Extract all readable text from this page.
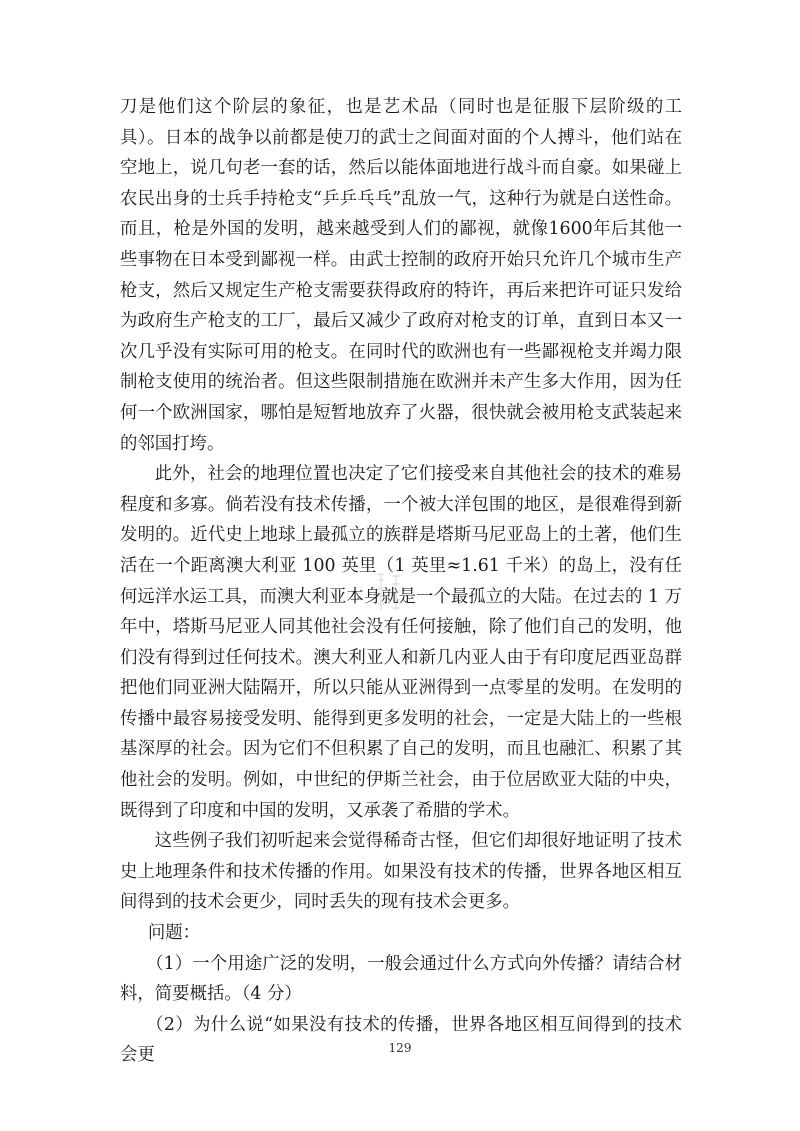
刀是他们这个阶层的象征，也是艺术品（同时也是征服下层阶级的工具）。日本的战争以前都是使刀的武士之间面对面的个人搏斗，他们站在空地上，说几句老一套的话，然后以能体面地进行战斗而自豪。如果碰上农民出身的士兵手持枪支“乒乒乓乓”乱放一气，这种行为就是白送性命。而且，枪是外国的发明，越来越受到人们的鄙视，就像1600年后其他一些事物在日本受到鄙视一样。由武士控制的政府开始只允许几个城市生产枪支，然后又规定生产枪支需要获得政府的特许，再后来把许可证只发给为政府生产枪支的工厂，最后又减少了政府对枪支的订单，直到日本又一次几乎没有实际可用的枪支。在同时代的欧洲也有一些鄙视枪支并竭力限制枪支使用的统治者。但这些限制措施在欧洲并未产生多大作用，因为任何一个欧洲国家，哪怕是短暂地放弃了火器，很快就会被用枪支武装起来的邻国打垮。

此外，社会的地理位置也决定了它们接受来自其他社会的技术的难易程度和多寡。倘若没有技术传播，一个被大洋包围的地区，是很难得到新发明的。近代史上地球上最孤立的族群是塔斯马尼亚岛上的土著，他们生活在一个距离澳大利亚 100 英里（1 英里≈1.61 千米）的岛上，没有任何远洋水运工具，而澳大利亚本身就是一个最孤立的大陆。在过去的 1 万年中，塔斯马尼亚人同其他社会没有任何接触，除了他们自己的发明，他们没有得到过任何技术。澳大利亚人和新几内亚人由于有印度尼西亚岛群把他们同亚洲大陆隔开，所以只能从亚洲得到一点零星的发明。在发明的传播中最容易接受发明、能得到更多发明的社会，一定是大陆上的一些根基深厚的社会。因为它们不但积累了自己的发明，而且也融汇、积累了其他社会的发明。例如，中世纪的伊斯兰社会，由于位居欧亚大陆的中央，既得到了印度和中国的发明，又承袭了希腊的学术。

这些例子我们初听起来会觉得稀奇古怪，但它们却很好地证明了技术史上地理条件和技术传播的作用。如果没有技术的传播，世界各地区相互间得到的技术会更少，同时丢失的现有技术会更多。

问题：

（1）一个用途广泛的发明，一般会通过什么方式向外传播？请结合材料，简要概括。（4 分）

（2）为什么说“如果没有技术的传播，世界各地区相互间得到的技术会更	129
